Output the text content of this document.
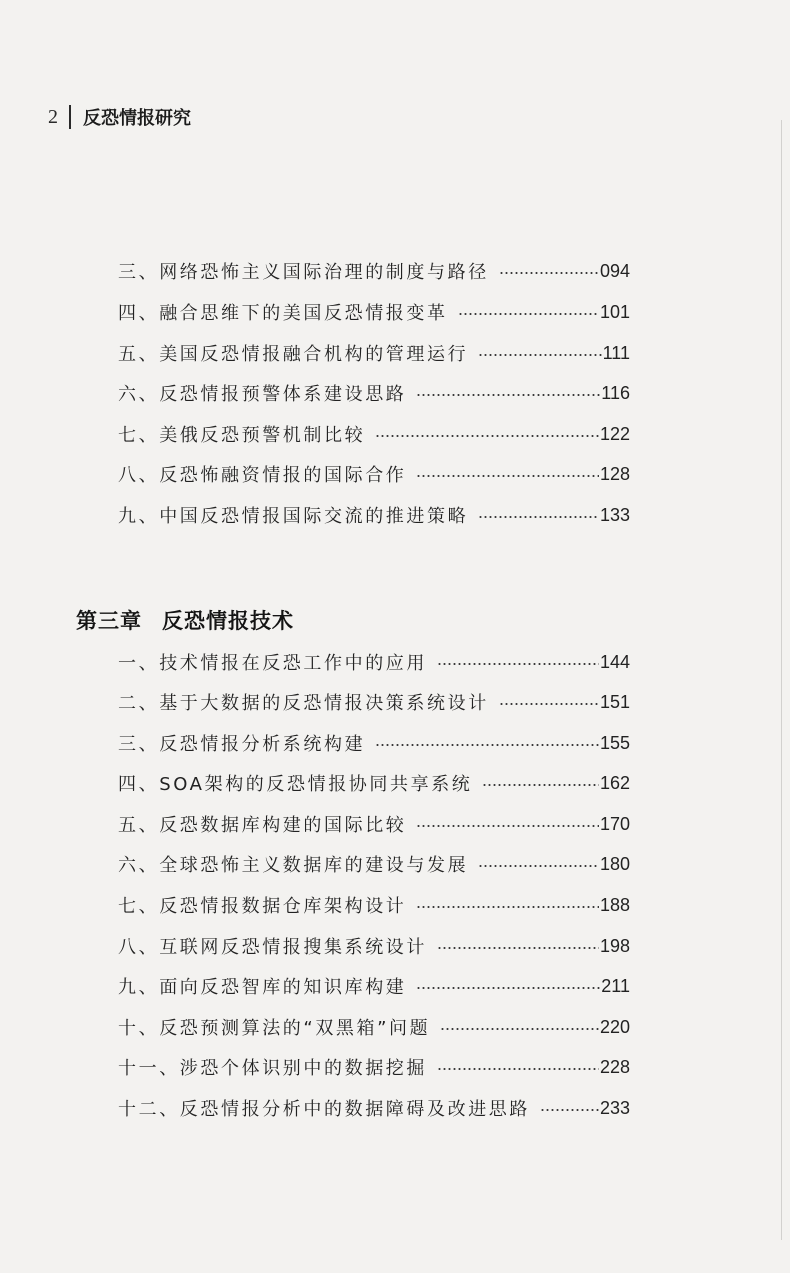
2 反恐情报研究
三、网络恐怖主义国际治理的制度与路径	094
四、融合思维下的美国反恐情报变革	101
五、美国反恐情报融合机构的管理运行	111
六、反恐情报预警体系建设思路	116
七、美俄反恐预警机制比较	122
八、反恐怖融资情报的国际合作	128
九、中国反恐情报国际交流的推进策略	133
第三章 反恐情报技术
一、技术情报在反恐工作中的应用	144
二、基于大数据的反恐情报决策系统设计	151
三、反恐情报分析系统构建	155
四、SOA架构的反恐情报协同共享系统	162
五、反恐数据库构建的国际比较	170
六、全球恐怖主义数据库的建设与发展	180
七、反恐情报数据仓库架构设计	188
八、互联网反恐情报搜集系统设计	198
九、面向反恐智库的知识库构建	211
十、反恐预测算法的“双黑箱”问题	220
十一、涉恐个体识别中的数据挖掘	228
十二、反恐情报分析中的数据障碍及改进思路	233
